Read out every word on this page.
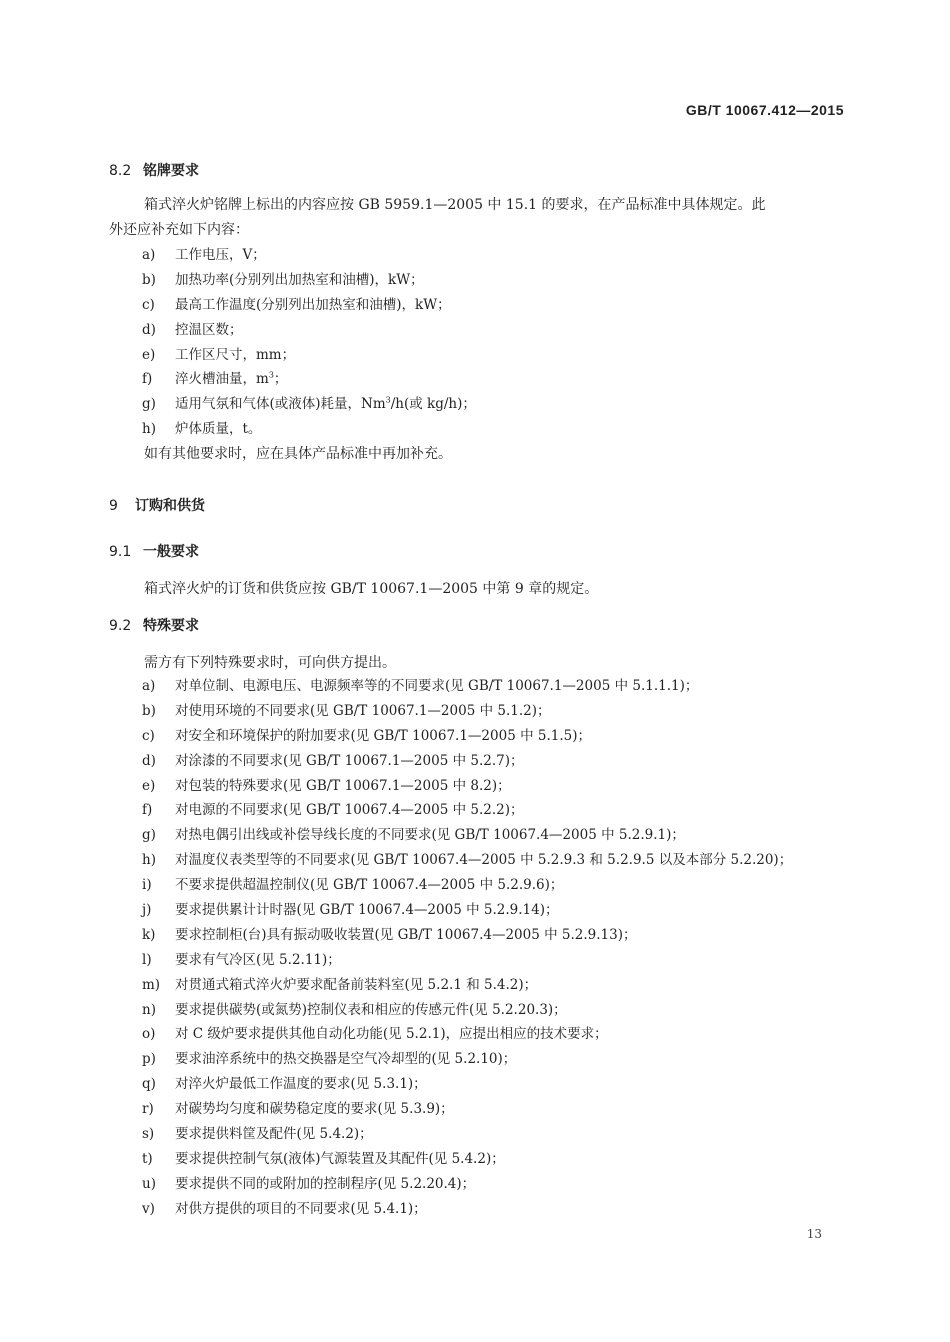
GB/T 10067.412—2015
8.2 铭牌要求
箱式淬火炉铭牌上标出的内容应按 GB 5959.1—2005 中 15.1 的要求，在产品标准中具体规定。此
外还应补充如下内容：
a) 工作电压，V；
b) 加热功率(分别列出加热室和油槽)，kW；
c) 最高工作温度(分别列出加热室和油槽)，kW；
d) 控温区数；
e) 工作区尺寸，mm；
f) 淬火槽油量，$m^3$；
g) 适用气氛和气体(或液体)耗量，Nm$^3$/h(或 kg/h)；
h) 炉体质量，t。
如有其他要求时，应在具体产品标准中再加补充。
9 订购和供货
9.1 一般要求
箱式淬火炉的订货和供货应按 GB/T 10067.1—2005 中第 9 章的规定。
9.2 特殊要求
需方有下列特殊要求时，可向供方提出。
a) 对单位制、电源电压、电源频率等的不同要求(见 GB/T 10067.1—2005 中 5.1.1.1)；
b) 对使用环境的不同要求(见 GB/T 10067.1—2005 中 5.1.2)；
c) 对安全和环境保护的附加要求(见 GB/T 10067.1—2005 中 5.1.5)；
d) 对涂漆的不同要求(见 GB/T 10067.1—2005 中 5.2.7)；
e) 对包装的特殊要求(见 GB/T 10067.1—2005 中 8.2)；
f) 对电源的不同要求(见 GB/T 10067.4—2005 中 5.2.2)；
g) 对热电偶引出线或补偿导线长度的不同要求(见 GB/T 10067.4—2005 中 5.2.9.1)；
h) 对温度仪表类型等的不同要求(见 GB/T 10067.4—2005 中 5.2.9.3 和 5.2.9.5 以及本部分 5.2.20)；
i) 不要求提供超温控制仪(见 GB/T 10067.4—2005 中 5.2.9.6)；
j) 要求提供累计计时器(见 GB/T 10067.4—2005 中 5.2.9.14)；
k) 要求控制柜(台)具有振动吸收装置(见 GB/T 10067.4—2005 中 5.2.9.13)；
l) 要求有气冷区(见 5.2.11)；
m) 对贯通式箱式淬火炉要求配备前装料室(见 5.2.1 和 5.4.2)；
n) 要求提供碳势(或氮势)控制仪表和相应的传感元件(见 5.2.20.3)；
o) 对 C 级炉要求提供其他自动化功能(见 5.2.1)，应提出相应的技术要求；
p) 要求油淬系统中的热交换器是空气冷却型的(见 5.2.10)；
q) 对淬火炉最低工作温度的要求(见 5.3.1)；
r) 对碳势均匀度和碳势稳定度的要求(见 5.3.9)；
s) 要求提供料筐及配件(见 5.4.2)；
t) 要求提供控制气氛(液体)气源装置及其配件(见 5.4.2)；
u) 要求提供不同的或附加的控制程序(见 5.2.20.4)；
v) 对供方提供的项目的不同要求(见 5.4.1)；
13
